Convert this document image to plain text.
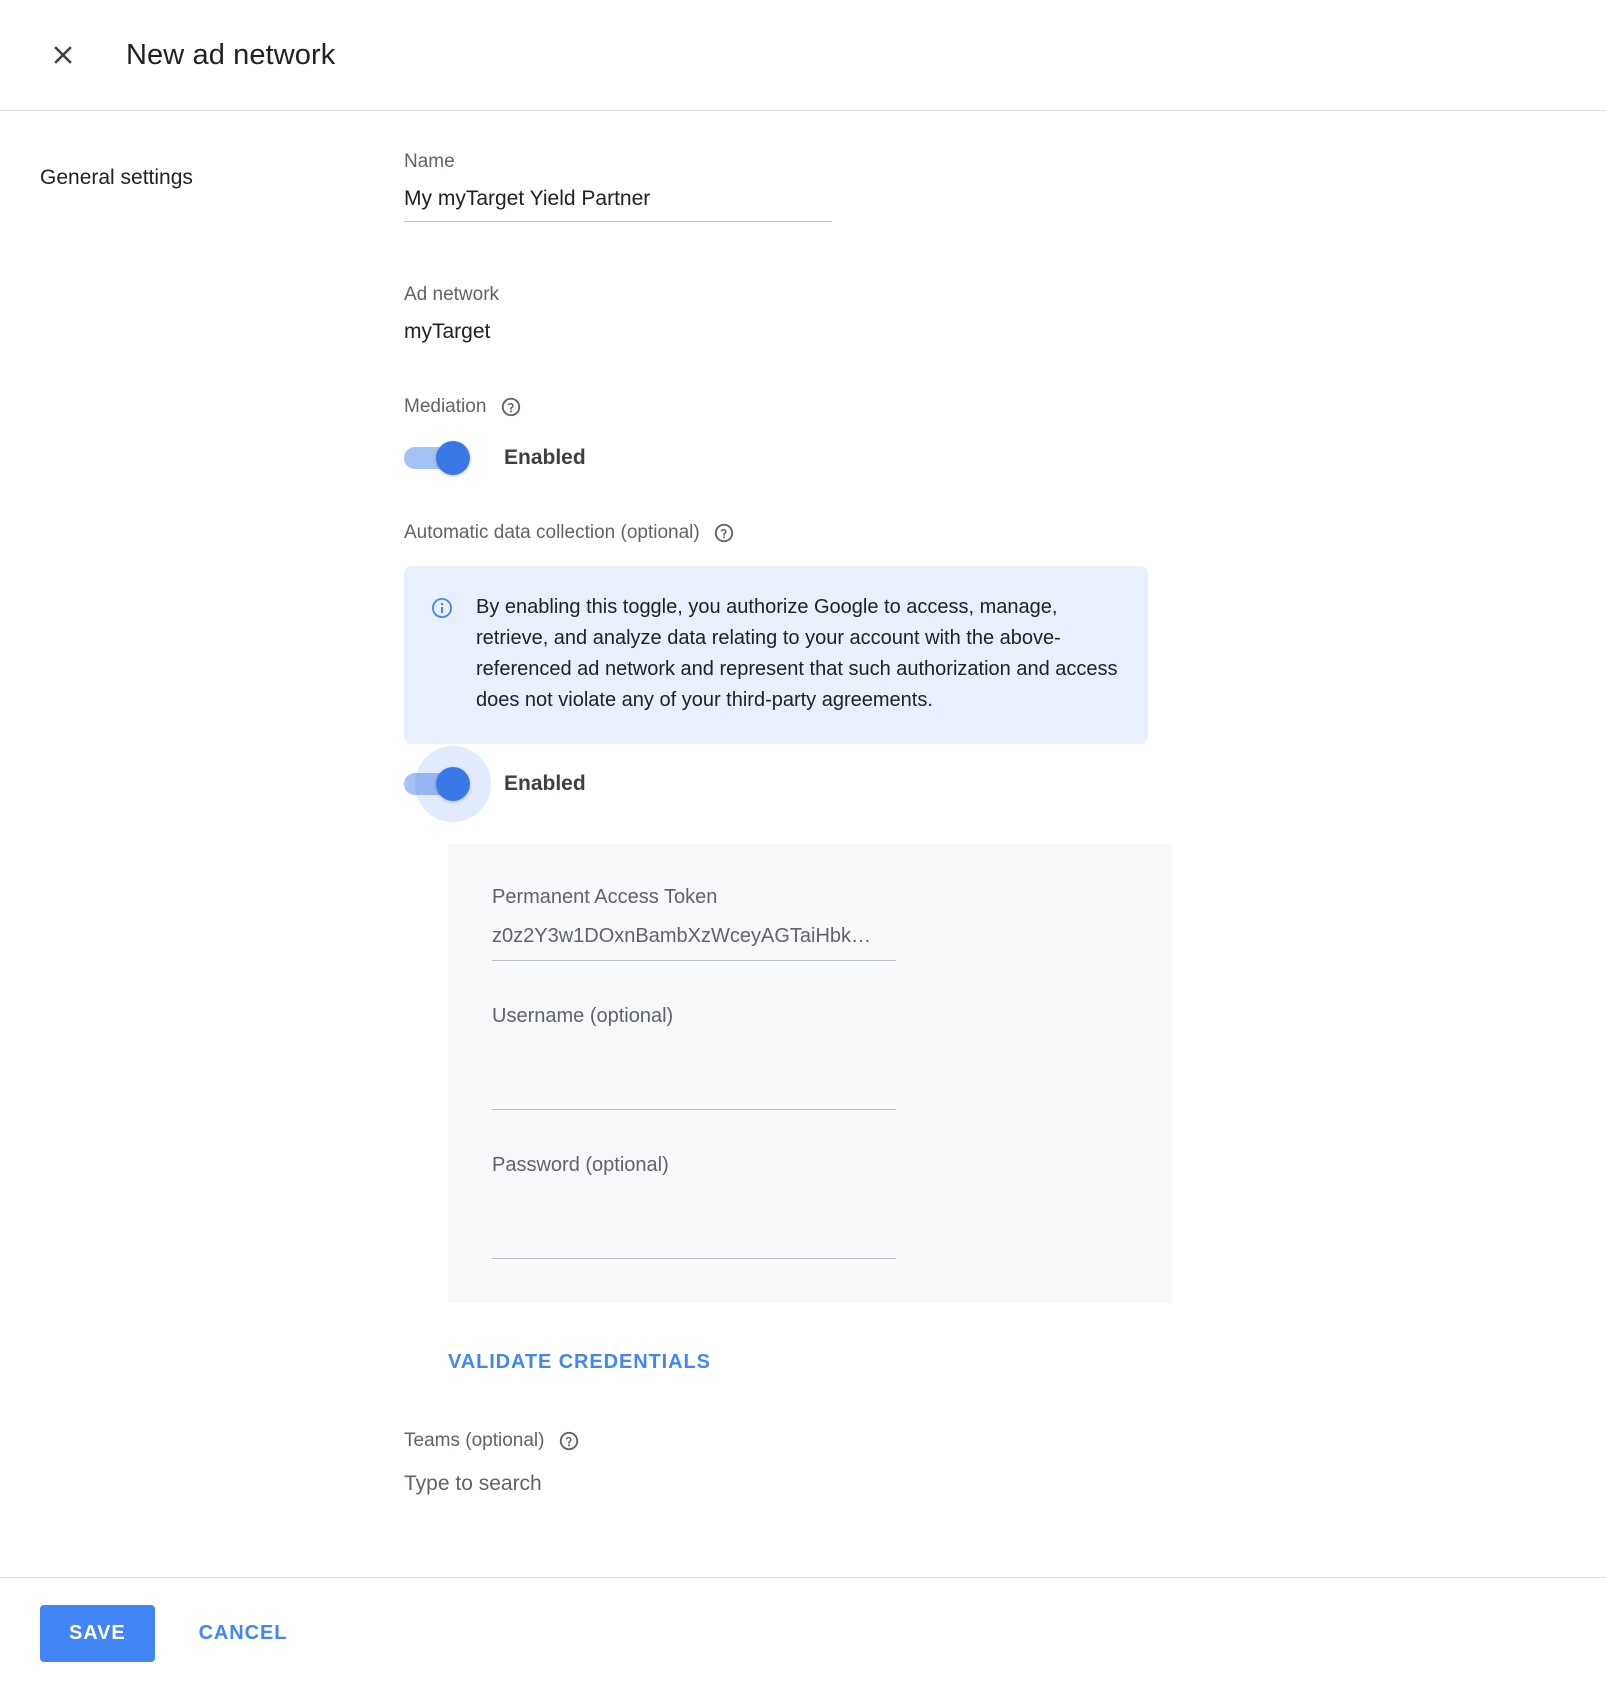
New ad network
General settings
Name
My myTarget Yield Partner
Ad network
myTarget
Mediation
Enabled
Automatic data collection (optional)
By enabling this toggle, you authorize Google to access, manage, retrieve, and analyze data relating to your account with the above-referenced ad network and represent that such authorization and access does not violate any of your third-party agreements.
Enabled
Permanent Access Token
z0z2Y3w1DOxnBambXzWceyAGTaiHbk…
Username (optional)
Password (optional)
VALIDATE CREDENTIALS
Teams (optional)
Type to search
SAVE	CANCEL
